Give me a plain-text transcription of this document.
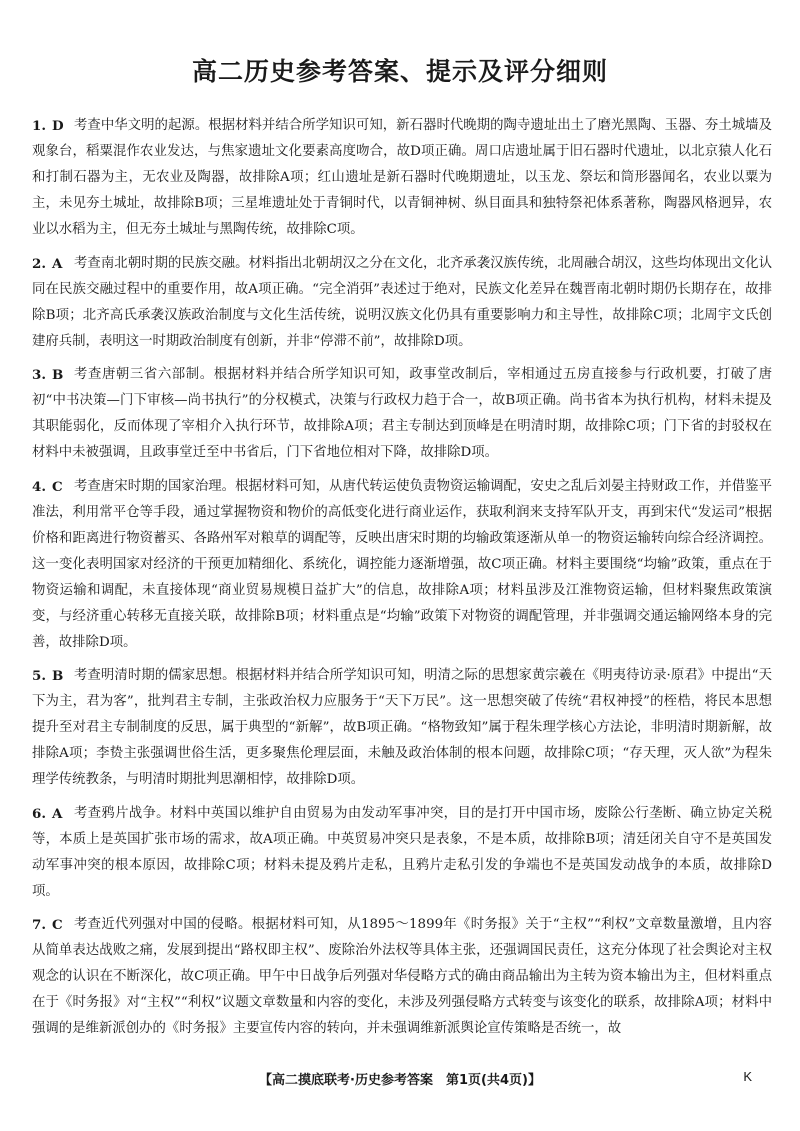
高二历史参考答案、提示及评分细则
1. D 考查中华文明的起源。根据材料并结合所学知识可知，新石器时代晚期的陶寺遗址出土了磨光黑陶、玉器、夯土城墙及观象台，稻粟混作农业发达，与焦家遗址文化要素高度吻合，故D项正确。周口店遗址属于旧石器时代遗址，以北京猿人化石和打制石器为主，无农业及陶器，故排除A项；红山遗址是新石器时代晚期遗址，以玉龙、祭坛和筒形器闻名，农业以粟为主，未见夯土城址，故排除B项；三星堆遗址处于青铜时代，以青铜神树、纵目面具和独特祭祀体系著称，陶器风格迥异，农业以水稻为主，但无夯土城址与黑陶传统，故排除C项。
2. A 考查南北朝时期的民族交融。材料指出北朝胡汉之分在文化，北齐承袭汉族传统，北周融合胡汉，这些均体现出文化认同在民族交融过程中的重要作用，故A项正确。“完全消弭”表述过于绝对，民族文化差异在魏晋南北朝时期仍长期存在，故排除B项；北齐高氏承袭汉族政治制度与文化生活传统，说明汉族文化仍具有重要影响力和主导性，故排除C项；北周宇文氏创建府兵制，表明这一时期政治制度有创新，并非“停滞不前”，故排除D项。
3. B 考查唐朝三省六部制。根据材料并结合所学知识可知，政事堂改制后，宰相通过五房直接参与行政机要，打破了唐初“中书决策—门下审核—尚书执行”的分权模式，决策与行政权力趋于合一，故B项正确。尚书省本为执行机构，材料未提及其职能弱化，反而体现了宰相介入执行环节，故排除A项；君主专制达到顶峰是在明清时期，故排除C项；门下省的封驳权在材料中未被强调，且政事堂迁至中书省后，门下省地位相对下降，故排除D项。
4. C 考查唐宋时期的国家治理。根据材料可知，从唐代转运使负责物资运输调配，安史之乱后刘晏主持财政工作，并借鉴平准法，利用常平仓等手段，通过掌握物资和物价的高低变化进行商业运作，获取利润来支持军队开支，再到宋代“发运司”根据价格和距离进行物资蓄买、各路州军对粮草的调配等，反映出唐宋时期的均输政策逐渐从单一的物资运输转向综合经济调控。这一变化表明国家对经济的干预更加精细化、系统化，调控能力逐渐增强，故C项正确。材料主要围绕“均输”政策，重点在于物资运输和调配，未直接体现“商业贸易规模日益扩大”的信息，故排除A项；材料虽涉及江淮物资运输，但材料聚焦政策演变，与经济重心转移无直接关联，故排除B项；材料重点是“均输”政策下对物资的调配管理，并非强调交通运输网络本身的完善，故排除D项。
5. B 考查明清时期的儒家思想。根据材料并结合所学知识可知，明清之际的思想家黄宗羲在《明夷待访录·原君》中提出“天下为主，君为客”，批判君主专制，主张政治权力应服务于“天下万民”。这一思想突破了传统“君权神授”的桎梏，将民本思想提升至对君主专制制度的反思，属于典型的“新解”，故B项正确。“格物致知”属于程朱理学核心方法论，非明清时期新解，故排除A项；李贽主张强调世俗生活，更多聚焦伦理层面，未触及政治体制的根本问题，故排除C项；“存天理，灭人欲”为程朱理学传统教条，与明清时期批判思潮相悖，故排除D项。
6. A 考查鸦片战争。材料中英国以维护自由贸易为由发动军事冲突，目的是打开中国市场，废除公行垄断、确立协定关税等，本质上是英国扩张市场的需求，故A项正确。中英贸易冲突只是表象，不是本质，故排除B项；清廷闭关自守不是英国发动军事冲突的根本原因，故排除C项；材料未提及鸦片走私，且鸦片走私引发的争端也不是英国发动战争的本质，故排除D项。
7. C 考查近代列强对中国的侵略。根据材料可知，从1895～1899年《时务报》关于“主权”“利权”文章数量激增，且内容从简单表达战败之痛，发展到提出“路权即主权”、废除治外法权等具体主张，还强调国民责任，这充分体现了社会舆论对主权观念的认识在不断深化，故C项正确。甲午中日战争后列强对华侵略方式的确由商品输出为主转为资本输出为主，但材料重点在于《时务报》对“主权”“利权”议题文章数量和内容的变化，未涉及列强侵略方式转变与该变化的联系，故排除A项；材料中强调的是维新派创办的《时务报》主要宣传内容的转向，并未强调维新派舆论宣传策略是否统一，故
【高二摸底联考·历史参考答案　第1页(共4页)】	K
